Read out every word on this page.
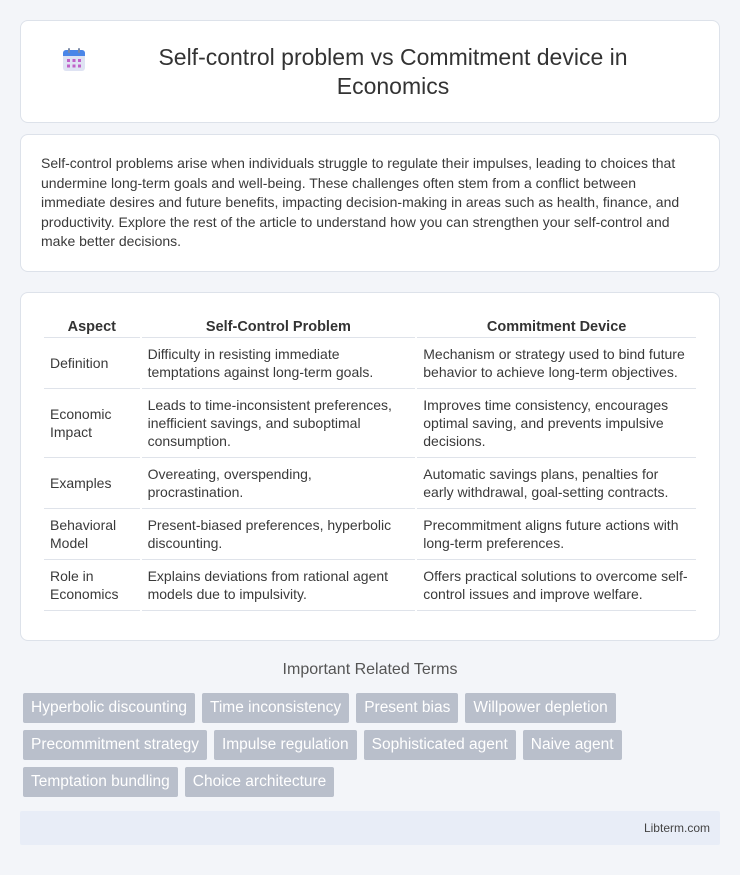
Self-control problem vs Commitment device in Economics

Self-control problems arise when individuals struggle to regulate their impulses, leading to choices that undermine long-term goals and well-being. These challenges often stem from a conflict between immediate desires and future benefits, impacting decision-making in areas such as health, finance, and productivity. Explore the rest of the article to understand how you can strengthen your self-control and make better decisions.

Aspect	Self-Control Problem	Commitment Device
Definition	Difficulty in resisting immediate temptations against long-term goals.	Mechanism or strategy used to bind future behavior to achieve long-term objectives.
Economic Impact	Leads to time-inconsistent preferences, inefficient savings, and suboptimal consumption.	Improves time consistency, encourages optimal saving, and prevents impulsive decisions.
Examples	Overeating, overspending, procrastination.	Automatic savings plans, penalties for early withdrawal, goal-setting contracts.
Behavioral Model	Present-biased preferences, hyperbolic discounting.	Precommitment aligns future actions with long-term preferences.
Role in Economics	Explains deviations from rational agent models due to impulsivity.	Offers practical solutions to overcome self-control issues and improve welfare.
Important Related Terms
Hyperbolic discounting	Time inconsistency	Present bias	Willpower depletion
Precommitment strategy	Impulse regulation	Sophisticated agent	Naive agent
Temptation bundling	Choice architecture
Libterm.com
